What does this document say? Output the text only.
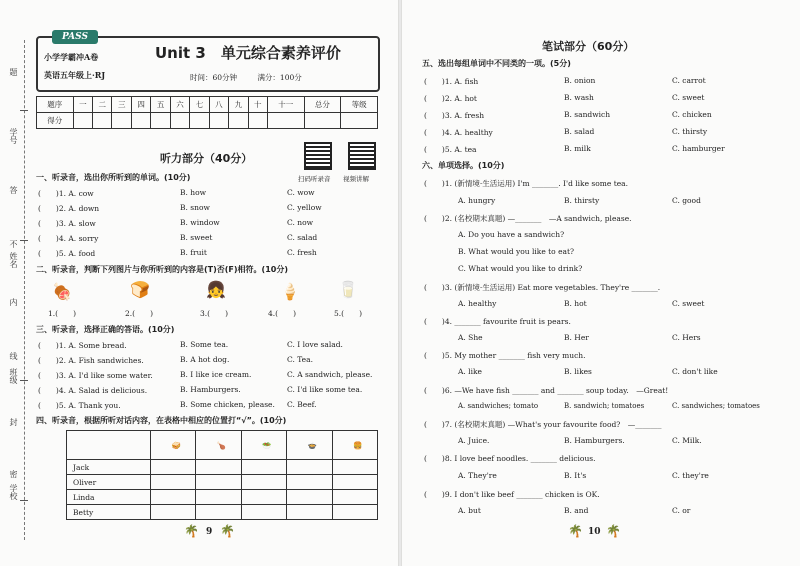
题
学号
答
不
姓名
内
线
班级
封
密
学校
PASS
小学学霸冲A卷
英语五年级上·RJ
Unit 3　单元综合素养评价
时间：60分钟	满分：100分
题序	一	二	三	四	五	六	七	八	九	十	十一	总分	等级
得分													
听力部分（40分）
扫码听录音 视频讲解
一、听录音，选出你所听到的单词。(10分)
(　　)1. A. cow	B. how	C. wow
(　　)2. A. down	B. snow	C. yellow
(　　)3. A. slow	B. window	C. now
(　　)4. A. sorry	B. sweet	C. salad
(　　)5. A. food	B. fruit	C. fresh
二、听录音，判断下列图片与你所听到的内容是(T)否(F)相符。(10分)
🍖	🍞	👧	🍦 🥛
1.(　　)	2.(　　)	3.(　　)	4.(　　)	5.(　　)
三、听录音，选择正确的答语。(10分)
(　　)1. A. Some bread.	B. Some tea.	C. I love salad.
(　　)2. A. Fish sandwiches.	B. A hot dog.	C. Tea.
(　　)3. A. I'd like some water.	B. I like ice cream.	C. A sandwich, please.
(　　)4. A. Salad is delicious.	B. Hamburgers.	C. I'd like some tea.
(　　)5. A. Thank you.	B. Some chicken, please. C. Beef.
四、听录音，根据所听对话内容，在表格中相应的位置打“√”。(10分)
	🥪	🍗	🥗	🍲	🍔
Jack					
Oliver					
Linda					
Betty					
🌴 9 🌴
笔试部分（60分）
五、选出每组单词中不同类的一项。(5分)
(　　)1. A. fish	B. onion	C. carrot
(　　)2. A. hot	B. wash	C. sweet
(　　)3. A. fresh	B. sandwich	C. chicken
(　　)4. A. healthy	B. salad	C. thirsty
(　　)5. A. tea	B. milk	C. hamburger
六、单项选择。(10分)
(　　)1. (新情境·生活运用) I'm _______. I'd like some tea.
A. hungry	B. thirsty	C. good
(　　)2. (名校期末真题) —_______　—A sandwich, please.
A. Do you have a sandwich?
B. What would you like to eat?
C. What would you like to drink?
(　　)3. (新情境·生活运用) Eat more vegetables. They're _______.
A. healthy	B. hot	C. sweet
(　　)4. _______ favourite fruit is pears.
A. She	B. Her	C. Hers
(　　)5. My mother _______ fish very much.
A. like	B. likes	C. don't like
(　　)6. —We have fish _______ and _______ soup today.　—Great!
A. sandwiches; tomato	B. sandwich; tomatoes	C. sandwiches; tomatoes
(　　)7. (名校期末真题) —What's your favourite food?　—_______
A. Juice.	B. Hamburgers.	C. Milk.
(　　)8. I love beef noodles. _______ delicious.
A. They're	B. It's	C. they're
(　　)9. I don't like beef _______ chicken is OK.
A. but	B. and	C. or
🌴 10 🌴
